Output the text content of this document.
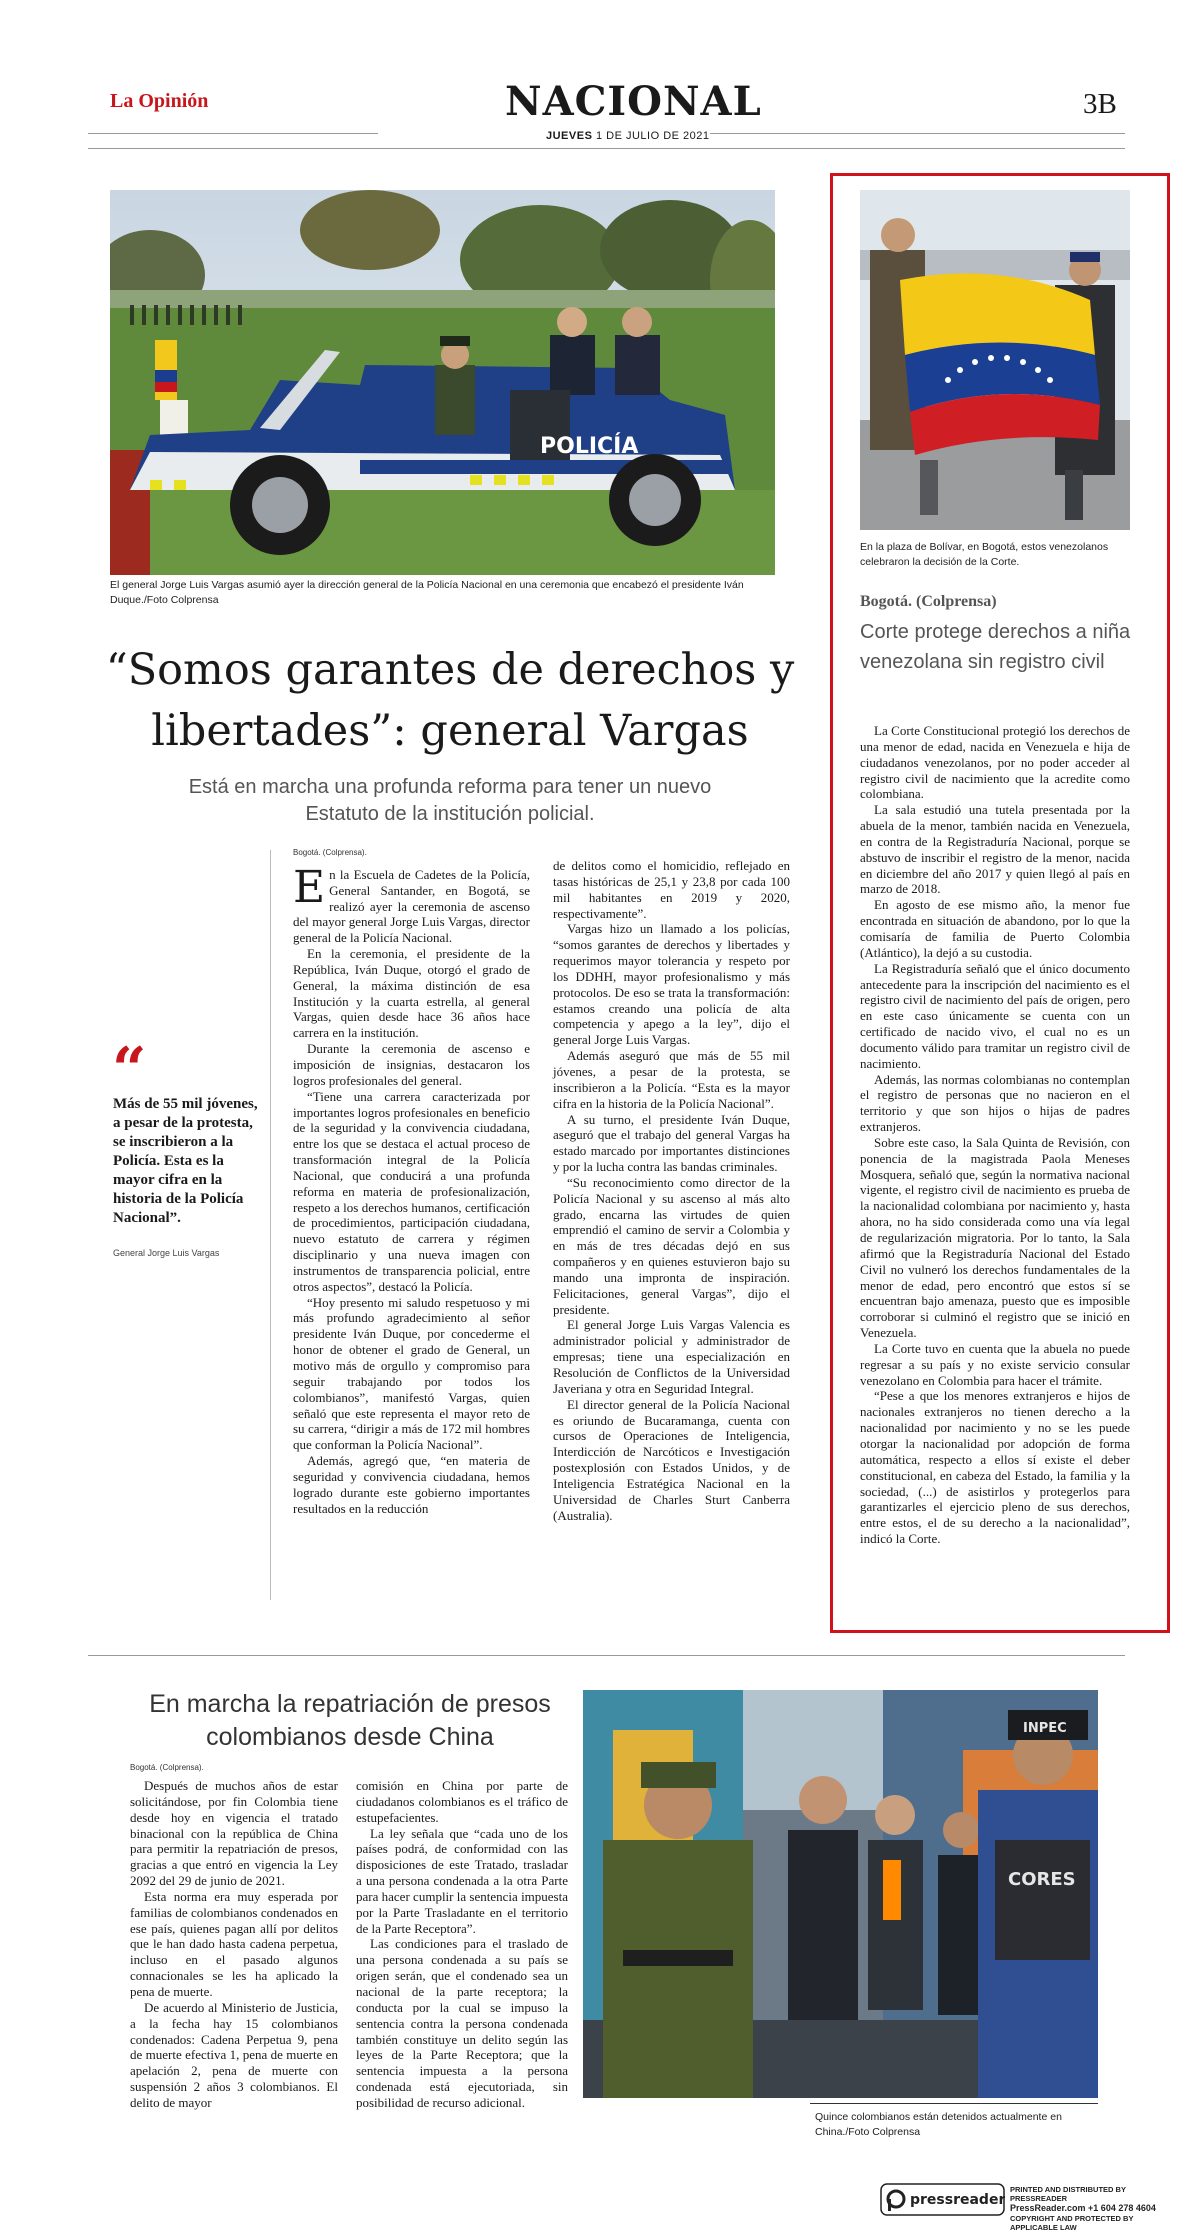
La Opinión	NACIONAL
JUEVES 1 DE JULIO DE 2021
3B
POLICÍA
El general Jorge Luis Vargas asumió ayer la dirección general de la Policía Nacional en una ceremonia que encabezó el presidente Iván Duque./Foto Colprensa
“Somos garantes de derechos y libertades”: general Vargas
Está en marcha una profunda reforma para tener un nuevo Estatuto de la institución policial.
“
Más de 55 mil jóvenes, a pesar de la protesta, se inscribieron a la Policía. Esta es la mayor cifra en la historia de la Policía Nacional”.
General Jorge Luis Vargas
Bogotá. (Colprensa).

En la Escuela de Cadetes de la Policía, General Santander, en Bogotá, se realizó ayer la ceremonia de ascenso del mayor general Jorge Luis Vargas, director general de la Policía Nacional.

En la ceremonia, el presidente de la República, Iván Duque, otorgó el grado de General, la máxima distinción de esa Institución y la cuarta estrella, al general Vargas, quien desde hace 36 años hace carrera en la institución.

Durante la ceremonia de ascenso e imposición de insignias, destacaron los logros profesionales del general.

“Tiene una carrera caracterizada por importantes logros profesionales en beneficio de la seguridad y la convivencia ciudadana, entre los que se destaca el actual proceso de transformación integral de la Policía Nacional, que conducirá a una profunda reforma en materia de profesionalización, respeto a los derechos humanos, certificación de procedimientos, participación ciudadana, nuevo estatuto de carrera y régimen disciplinario y una nueva imagen con instrumentos de transparencia policial, entre otros aspectos”, destacó la Policía.

“Hoy presento mi saludo respetuoso y mi más profundo agradecimiento al señor presidente Iván Duque, por concederme el honor de obtener el grado de General, un motivo más de orgullo y compromiso para seguir trabajando por todos los colombianos”, manifestó Vargas, quien señaló que este representa el mayor reto de su carrera, “dirigir a más de 172 mil hombres que conforman la Policía Nacional”.

Además, agregó que, “en materia de seguridad y convivencia ciudadana, hemos logrado durante este gobierno importantes resultados en la reducción

de delitos como el homicidio, reflejado en tasas históricas de 25,1 y 23,8 por cada 100 mil habitantes en 2019 y 2020, respectivamente”.

Vargas hizo un llamado a los policías, “somos garantes de derechos y libertades y requerimos mayor tolerancia y respeto por los DDHH, mayor profesionalismo y más protocolos. De eso se trata la transformación: estamos creando una policía de alta competencia y apego a la ley”, dijo el general Jorge Luis Vargas.

Además aseguró que más de 55 mil jóvenes, a pesar de la protesta, se inscribieron a la Policía. “Esta es la mayor cifra en la historia de la Policía Nacional”.

A su turno, el presidente Iván Duque, aseguró que el trabajo del general Vargas ha estado marcado por importantes distinciones y por la lucha contra las bandas criminales.

“Su reconocimiento como director de la Policía Nacional y su ascenso al más alto grado, encarna las virtudes de quien emprendió el camino de servir a Colombia y en más de tres décadas dejó en sus compañeros y en quienes estuvieron bajo su mando una impronta de inspiración. Felicitaciones, general Vargas”, dijo el presidente.

El general Jorge Luis Vargas Valencia es administrador policial y administrador de empresas; tiene una especialización en Resolución de Conflictos de la Universidad Javeriana y otra en Seguridad Integral.

El director general de la Policía Nacional es oriundo de Bucaramanga, cuenta con cursos de Operaciones de Inteligencia, Interdicción de Narcóticos e Investigación postexplosión con Estados Unidos, y de Inteligencia Estratégica Nacional en la Universidad de Charles Sturt Canberra (Australia).

En la plaza de Bolívar, en Bogotá, estos venezolanos celebraron la decisión de la Corte.
Bogotá. (Colprensa)
Corte protege derechos a niña venezolana sin registro civil

La Corte Constitucional protegió los derechos de una menor de edad, nacida en Venezuela e hija de ciudadanos venezolanos, por no poder acceder al registro civil de nacimiento que la acredite como colombiana.

La sala estudió una tutela presentada por la abuela de la menor, también nacida en Venezuela, en contra de la Registraduría Nacional, porque se abstuvo de inscribir el registro de la menor, nacida en diciembre del año 2017 y quien llegó al país en marzo de 2018.

En agosto de ese mismo año, la menor fue encontrada en situación de abandono, por lo que la comisaría de familia de Puerto Colombia (Atlántico), la dejó a su custodia.

La Registraduría señaló que el único documento antecedente para la inscripción del nacimiento es el registro civil de nacimiento del país de origen, pero en este caso únicamente se cuenta con un certificado de nacido vivo, el cual no es un documento válido para tramitar un registro civil de nacimiento.

Además, las normas colombianas no contemplan el registro de personas que no nacieron en el territorio y que son hijos o hijas de padres extranjeros.

Sobre este caso, la Sala Quinta de Revisión, con ponencia de la magistrada Paola Meneses Mosquera, señaló que, según la normativa nacional vigente, el registro civil de nacimiento es prueba de la nacionalidad colombiana por nacimiento y, hasta ahora, no ha sido considerada como una vía legal de regularización migratoria. Por lo tanto, la Sala afirmó que la Registraduría Nacional del Estado Civil no vulneró los derechos fundamentales de la menor de edad, pero encontró que estos sí se encuentran bajo amenaza, puesto que es imposible corroborar si culminó el registro que se inició en Venezuela.

La Corte tuvo en cuenta que la abuela no puede regresar a su país y no existe servicio consular venezolano en Colombia para hacer el trámite.

“Pese a que los menores extranjeros e hijos de nacionales extranjeros no tienen derecho a la nacionalidad por nacimiento y no se les puede otorgar la nacionalidad por adopción de forma automática, respecto a ellos sí existe el deber constitucional, en cabeza del Estado, la familia y la sociedad, (...) de asistirlos y protegerlos para garantizarles el ejercicio pleno de sus derechos, entre estos, el de su derecho a la nacionalidad”, indicó la Corte.

En marcha la repatriación de presos colombianos desde China
Bogotá. (Colprensa).

Después de muchos años de estar solicitándose, por fin Colombia tiene desde hoy en vigencia el tratado binacional con la república de China para permitir la repatriación de presos, gracias a que entró en vigencia la Ley 2092 del 29 de junio de 2021.

Esta norma era muy esperada por familias de colombianos condenados en ese país, quienes pagan allí por delitos que le han dado hasta cadena perpetua, incluso en el pasado algunos connacionales se les ha aplicado la pena de muerte.

De acuerdo al Ministerio de Justicia, a la fecha hay 15 colombianos condenados: Cadena Perpetua 9, pena de muerte efectiva 1, pena de muerte en apelación 2, pena de muerte con suspensión 2 años 3 colombianos. El delito de mayor

comisión en China por parte de ciudadanos colombianos es el tráfico de estupefacientes.

La ley señala que “cada uno de los países podrá, de conformidad con las disposiciones de este Tratado, trasladar a una persona condenada a la otra Parte para hacer cumplir la sentencia impuesta por la Parte Trasladante en el territorio de la Parte Receptora”.

Las condiciones para el traslado de una persona condenada a su país se origen serán, que el condenado sea un nacional de la parte receptora; la conducta por la cual se impuso la sentencia contra la persona condenada también constituye un delito según las leyes de la Parte Receptora; que la sentencia impuesta a la persona condenada está ejecutoriada, sin posibilidad de recurso adicional.

CORES
INPEC
Quince colombianos están detenidos actualmente en China./Foto Colprensa
pressreader
PRINTED AND DISTRIBUTED BY PRESSREADER
PressReader.com +1 604 278 4604
COPYRIGHT AND PROTECTED BY APPLICABLE LAW
